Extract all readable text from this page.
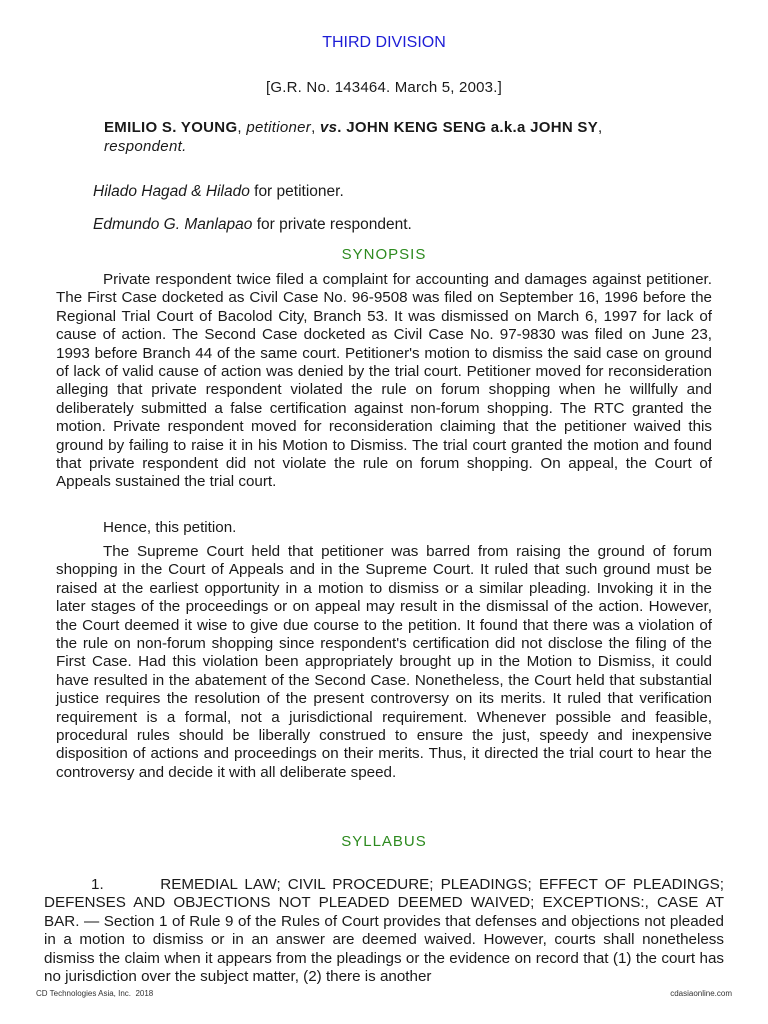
THIRD DIVISION
[G.R. No. 143464. March 5, 2003.]
EMILIO S. YOUNG, petitioner, vs. JOHN KENG SENG a.k.a JOHN SY,
respondent.
Hilado Hagad & Hilado for petitioner.
Edmundo G. Manlapao for private respondent.
SYNOPSIS
Private respondent twice filed a complaint for accounting and damages against petitioner. The First Case docketed as Civil Case No. 96-9508 was filed on September 16, 1996 before the Regional Trial Court of Bacolod City, Branch 53. It was dismissed on March 6, 1997 for lack of cause of action. The Second Case docketed as Civil Case No. 97-9830 was filed on June 23, 1993 before Branch 44 of the same court. Petitioner's motion to dismiss the said case on ground of lack of valid cause of action was denied by the trial court. Petitioner moved for reconsideration alleging that private respondent violated the rule on forum shopping when he willfully and deliberately submitted a false certification against non-forum shopping. The RTC granted the motion. Private respondent moved for reconsideration claiming that the petitioner waived this ground by failing to raise it in his Motion to Dismiss. The trial court granted the motion and found that private respondent did not violate the rule on forum shopping. On appeal, the Court of Appeals sustained the trial court.
Hence, this petition.
The Supreme Court held that petitioner was barred from raising the ground of forum shopping in the Court of Appeals and in the Supreme Court. It ruled that such ground must be raised at the earliest opportunity in a motion to dismiss or a similar pleading. Invoking it in the later stages of the proceedings or on appeal may result in the dismissal of the action. However, the Court deemed it wise to give due course to the petition. It found that there was a violation of the rule on non-forum shopping since respondent's certification did not disclose the filing of the First Case. Had this violation been appropriately brought up in the Motion to Dismiss, it could have resulted in the abatement of the Second Case. Nonetheless, the Court held that substantial justice requires the resolution of the present controversy on its merits. It ruled that verification requirement is a formal, not a jurisdictional requirement. Whenever possible and feasible, procedural rules should be liberally construed to ensure the just, speedy and inexpensive disposition of actions and proceedings on their merits. Thus, it directed the trial court to hear the controversy and decide it with all deliberate speed.
SYLLABUS
1.        REMEDIAL LAW; CIVIL PROCEDURE; PLEADINGS; EFFECT OF PLEADINGS; DEFENSES AND OBJECTIONS NOT PLEADED DEEMED WAIVED; EXCEPTIONS:, CASE AT BAR. — Section 1 of Rule 9 of the Rules of Court provides that defenses and objections not pleaded in a motion to dismiss or in an answer are deemed waived. However, courts shall nonetheless dismiss the claim when it appears from the pleadings or the evidence on record that (1) the court has no jurisdiction over the subject matter, (2) there is another
CD Technologies Asia, Inc.  2018	cdasiaonline.com
